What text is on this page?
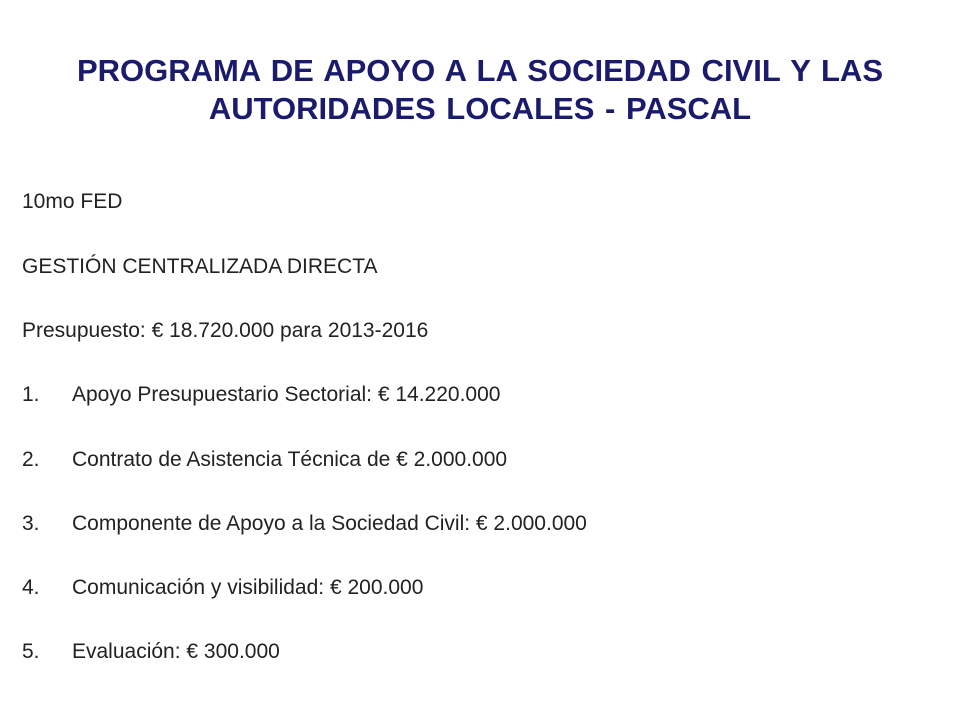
PROGRAMA DE APOYO A LA SOCIEDAD CIVIL Y LAS
AUTORIDADES LOCALES - PASCAL
10mo FED
GESTIÓN CENTRALIZADA DIRECTA
Presupuesto: € 18.720.000 para 2013-2016
1. Apoyo Presupuestario Sectorial: € 14.220.000
2. Contrato de Asistencia Técnica de € 2.000.000
3. Componente de Apoyo a la Sociedad Civil: € 2.000.000
4. Comunicación y visibilidad: € 200.000
5. Evaluación: € 300.000
